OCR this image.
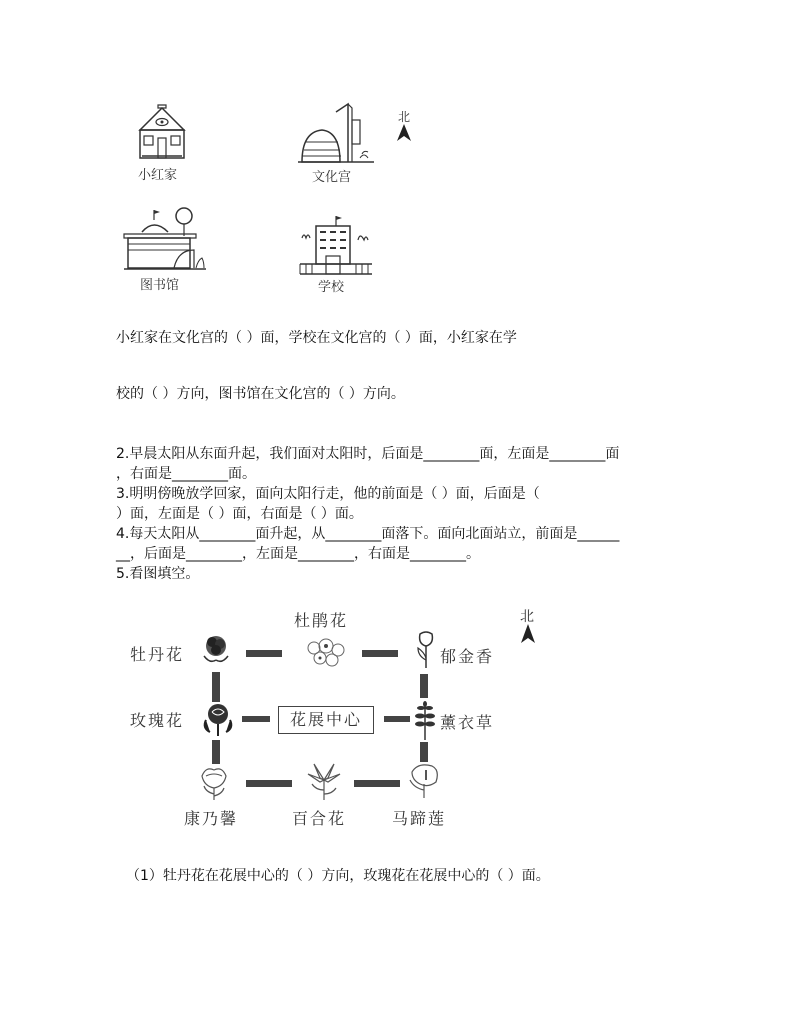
小红家	文化宫
北
图书馆	学校
小红家在文化宫的（ ）面，学校在文化宫的（ ）面，小红家在学
校的（ ）方向，图书馆在文化宫的（ ）方向。
2.早晨太阳从东面升起，我们面对太阳时，后面是________面，左面是________面
，右面是________面。
3.明明傍晚放学回家，面向太阳行走，他的前面是（ ）面，后面是（
）面，左面是（ ）面，右面是（ ）面。
4.每天太阳从________面升起，从________面落下。面向北面站立，前面是______
__，后面是________，左面是________，右面是________。
5.看图填空。
北
牡丹花
杜鹃花
郁金香
玫瑰花	花展中心	薰衣草
康乃馨	百合花	马蹄莲
（1）牡丹花在花展中心的（ ）方向，玫瑰花在花展中心的（ ）面。
